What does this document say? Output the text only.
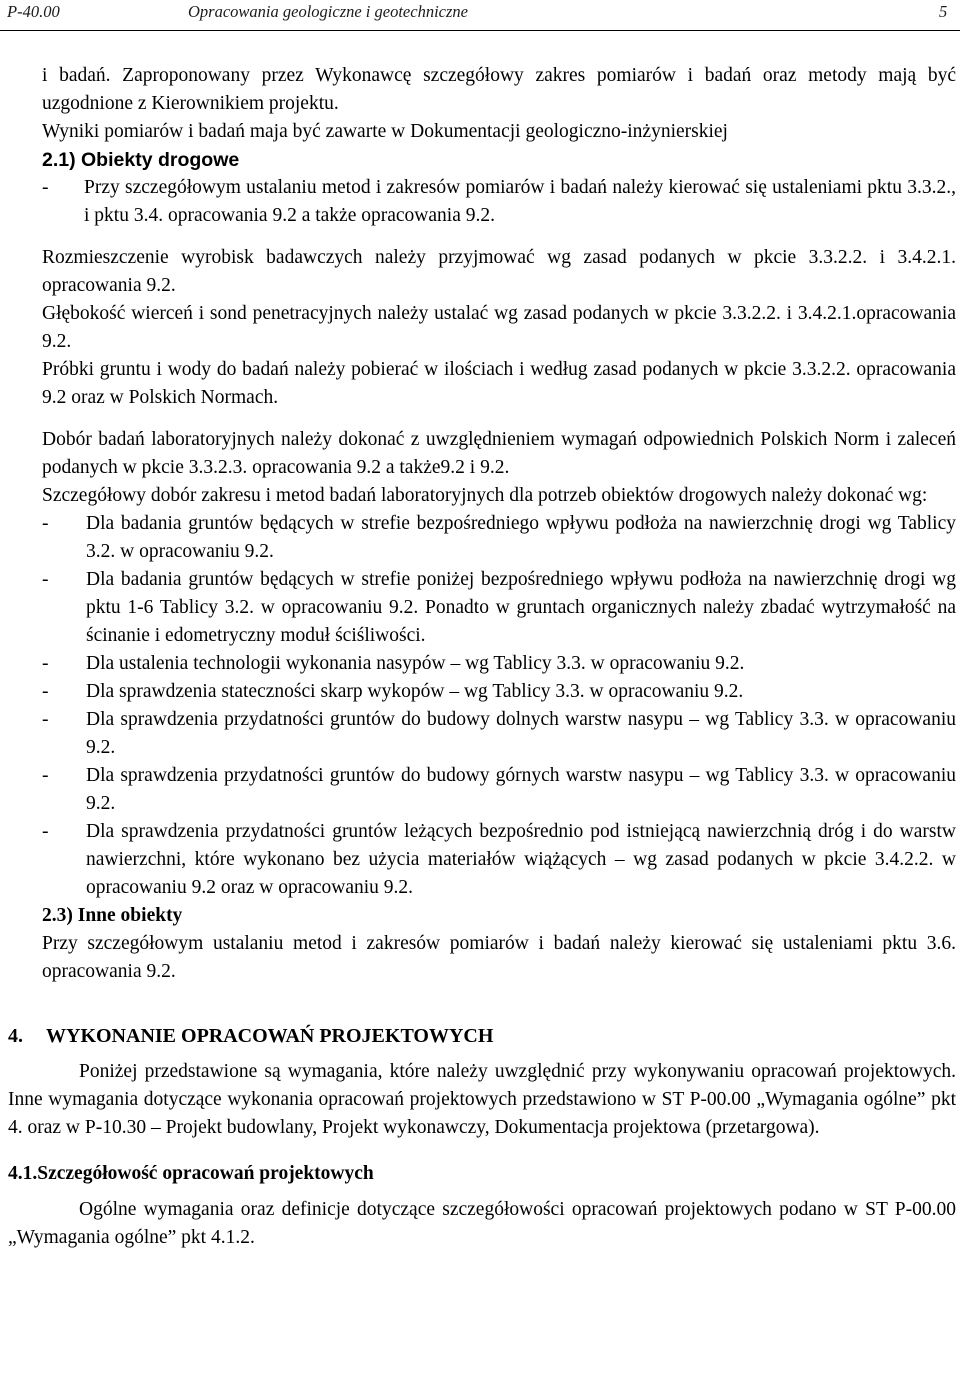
P-40.00	Opracowania geologiczne i geotechniczne	5

i badań. Zaproponowany przez Wykonawcę szczegółowy zakres pomiarów i badań oraz metody mają być uzgodnione z Kierownikiem projektu.

Wyniki pomiarów i badań maja być zawarte w Dokumentacji geologiczno-inżynierskiej

2.1) Obiekty drogowe

-	Przy szczegółowym ustalaniu metod i zakresów pomiarów i badań należy kierować się ustaleniami pktu 3.3.2., i pktu 3.4. opracowania 9.2 a także opracowania 9.2.

Rozmieszczenie wyrobisk badawczych należy przyjmować wg zasad podanych w pkcie 3.3.2.2. i 3.4.2.1. opracowania 9.2.

Głębokość wierceń i sond penetracyjnych należy ustalać wg zasad podanych w pkcie 3.3.2.2. i 3.4.2.1.opracowania 9.2.

Próbki gruntu i wody do badań należy pobierać w ilościach i według zasad podanych w pkcie 3.3.2.2. opracowania 9.2 oraz w Polskich Normach.

Dobór badań laboratoryjnych należy dokonać z uwzględnieniem wymagań odpowiednich Polskich Norm i zaleceń podanych w pkcie 3.3.2.3. opracowania 9.2 a także9.2 i 9.2.

Szczegółowy dobór zakresu i metod badań laboratoryjnych dla potrzeb obiektów drogowych należy dokonać wg:

- Dla badania gruntów będących w strefie bezpośredniego wpływu podłoża na nawierzchnię drogi wg Tablicy 3.2. w opracowaniu 9.2.
- Dla badania gruntów będących w strefie poniżej bezpośredniego wpływu podłoża na nawierzchnię drogi wg pktu 1-6 Tablicy 3.2. w opracowaniu 9.2. Ponadto w gruntach organicznych należy zbadać wytrzymałość na ścinanie i edometryczny moduł ściśliwości.
- Dla ustalenia technologii wykonania nasypów – wg Tablicy 3.3. w opracowaniu 9.2.
- Dla sprawdzenia stateczności skarp wykopów – wg Tablicy 3.3. w opracowaniu 9.2.
- Dla sprawdzenia przydatności gruntów do budowy dolnych warstw nasypu – wg Tablicy 3.3. w opracowaniu 9.2.
- Dla sprawdzenia przydatności gruntów do budowy górnych warstw nasypu – wg Tablicy 3.3. w opracowaniu 9.2.
- Dla sprawdzenia przydatności gruntów leżących bezpośrednio pod istniejącą nawierzchnią dróg i do warstw nawierzchni, które wykonano bez użycia materiałów wiążących – wg zasad podanych w pkcie 3.4.2.2. w opracowaniu 9.2 oraz w opracowaniu 9.2.

2.3) Inne obiekty

Przy szczegółowym ustalaniu metod i zakresów pomiarów i badań należy kierować się ustaleniami pktu 3.6. opracowania 9.2.

4. WYKONANIE OPRACOWAŃ PROJEKTOWYCH

Poniżej przedstawione są wymagania, które należy uwzględnić przy wykonywaniu opracowań projektowych. Inne wymagania dotyczące wykonania opracowań projektowych przedstawiono w ST P-00.00 „Wymagania ogólne” pkt 4. oraz w P-10.30 – Projekt budowlany, Projekt wykonawczy, Dokumentacja projektowa (przetargowa).

4.1.Szczegółowość opracowań projektowych

Ogólne wymagania oraz definicje dotyczące szczegółowości opracowań projektowych podano w ST P-00.00 „Wymagania ogólne” pkt 4.1.2.
